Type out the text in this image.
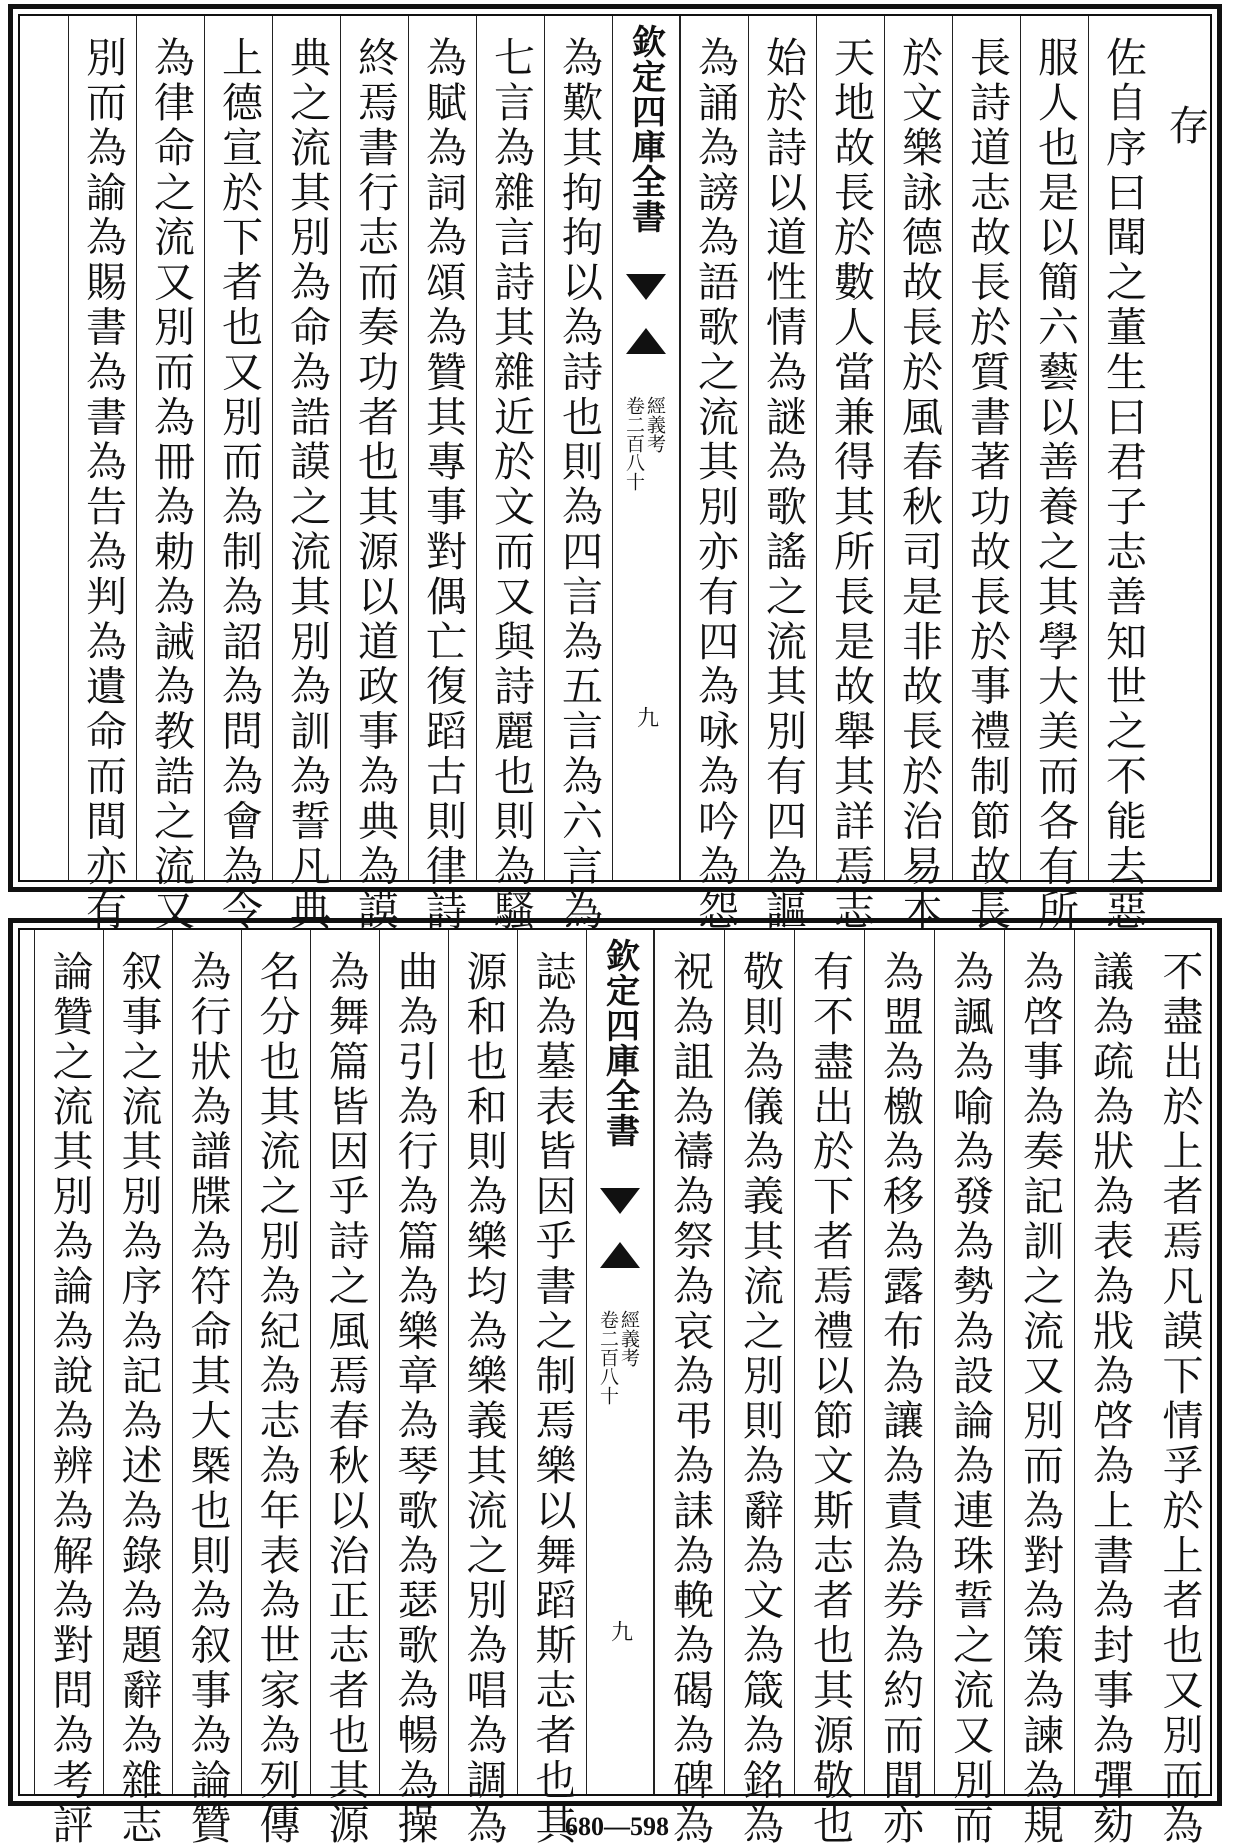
存
佐自序曰聞之董生曰君子志善知世之不能去惡
服人也是以簡六藝以善養之其學大美而各有所
長詩道志故長於質書著功故長於事禮制節故長
於文樂詠德故長於風春秋司是非故長於治易本
天地故長於數人當兼得其所長是故舉其詳焉志
始於詩以道性情為謎為歌謠之流其別有四為謳
為誦為謗為語歌之流其別亦有四為咏為吟為怨
欽定四庫全書
經義考
卷二百八十
九
為歎其拘拘以為詩也則為四言為五言為六言為
七言為雜言詩其雜近於文而又與詩麗也則為騷
為賦為詞為頌為贊其專事對偶亡復蹈古則律詩
終焉書行志而奏功者也其源以道政事為典為謨
典之流其別為命為誥謨之流其別為訓為誓凡典
上德宣於下者也又別而為制為詔為問為會為令
為律命之流又別而為冊為勅為誡為教誥之流又
別而為諭為賜書為書為告為判為遺命而間亦有
不盡出於上者焉凡謨下情孚於上者也又別而為
議為疏為狀為表為戕為啓為上書為封事為彈劾
為啓事為奏記訓之流又別而為對為策為諫為規
為諷為喻為發為勢為設論為連珠誓之流又別而
為盟為檄為移為露布為讓為責為券為約而間亦
有不盡出於下者焉禮以節文斯志者也其源敬也
敬則為儀為義其流之別則為辭為文為箴為銘為
祝為詛為禱為祭為哀為弔為誄為輓為碣為碑為
欽定四庫全書
經義考
卷二百八十
九
誌為墓表皆因乎書之制焉樂以舞蹈斯志者也其
源和也和則為樂均為樂義其流之別為唱為調為
曲為引為行為篇為樂章為琴歌為瑟歌為暢為操
為舞篇皆因乎詩之風焉春秋以治正志者也其源
名分也其流之別為紀為志為年表為世家為列傳
為行狀為譜牒為符命其大槩也則為叙事為論贊
叙事之流其別為序為記為述為錄為題辭為雜志
論贊之流其別為論為說為辨為解為對問為考評	680—598
